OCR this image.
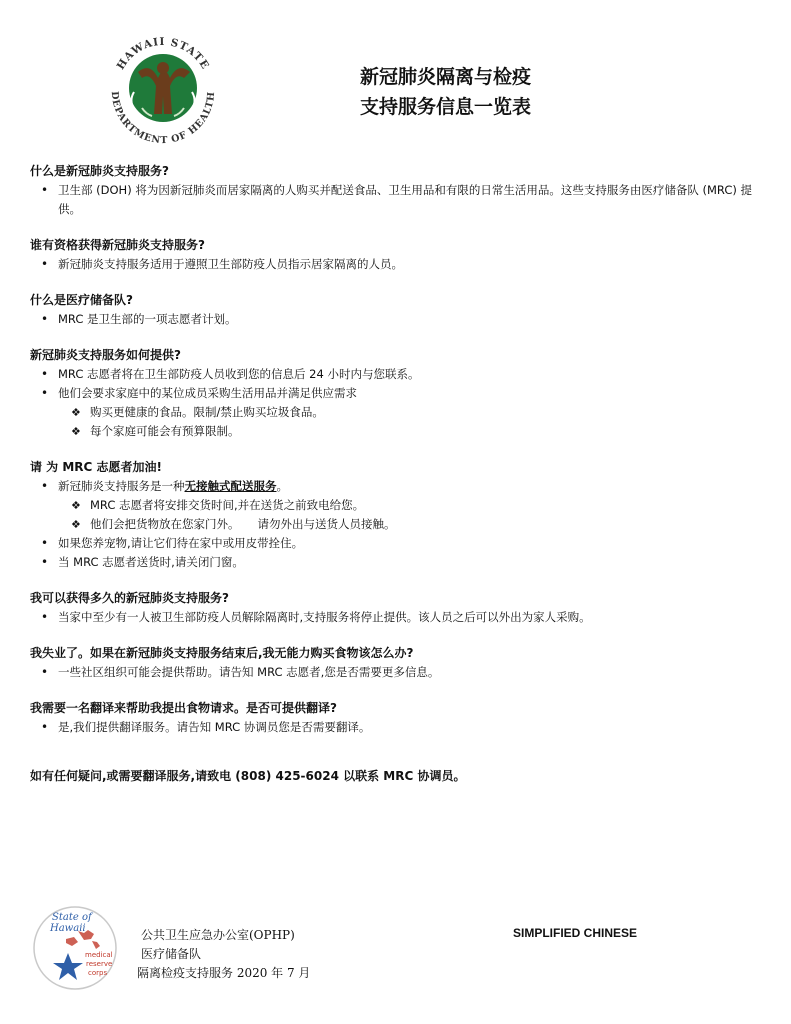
HAWAII STATE
DEPARTMENT OF HEALTH
新冠肺炎隔离与检疫
支持服务信息一览表
什么是新冠肺炎支持服务?
• 卫生部 (DOH) 将为因新冠肺炎而居家隔离的人购买并配送食品、卫生用品和有限的日常生活用品。这些支持服务由医疗储备队 (MRC) 提供。
谁有资格获得新冠肺炎支持服务?
• 新冠肺炎支持服务适用于遵照卫生部防疫人员指示居家隔离的人员。
什么是医疗储备队?
• MRC 是卫生部的一项志愿者计划。
新冠肺炎支持服务如何提供?
• MRC 志愿者将在卫生部防疫人员收到您的信息后 24 小时内与您联系。
• 他们会要求家庭中的某位成员采购生活用品并满足供应需求
❖ 购买更健康的食品。限制/禁止购买垃圾食品。
❖ 每个家庭可能会有预算限制。
请 为 MRC 志愿者加油!
• 新冠肺炎支持服务是一种无接触式配送服务。
❖ MRC 志愿者将安排交货时间,并在送货之前致电给您。
❖ 他们会把货物放在您家门外。 请勿外出与送货人员接触。
• 如果您养宠物,请让它们待在家中或用皮带拴住。
• 当 MRC 志愿者送货时,请关闭门窗。
我可以获得多久的新冠肺炎支持服务?
• 当家中至少有一人被卫生部防疫人员解除隔离时,支持服务将停止提供。该人员之后可以外出为家人采购。
我失业了。如果在新冠肺炎支持服务结束后,我无能力购买食物该怎么办?
• 一些社区组织可能会提供帮助。请告知 MRC 志愿者,您是否需要更多信息。
我需要一名翻译来帮助我提出食物请求。是否可提供翻译?
• 是,我们提供翻译服务。请告知 MRC 协调员您是否需要翻译。
如有任何疑问,或需要翻译服务,请致电 (808) 425-6024 以联系 MRC 协调员。
State of
Hawaii
medical
reserve
corps
公共卫生应急办公室(OPHP)
医疗储备队
隔离检疫支持服务 2020 年 7 月
SIMPLIFIED CHINESE
